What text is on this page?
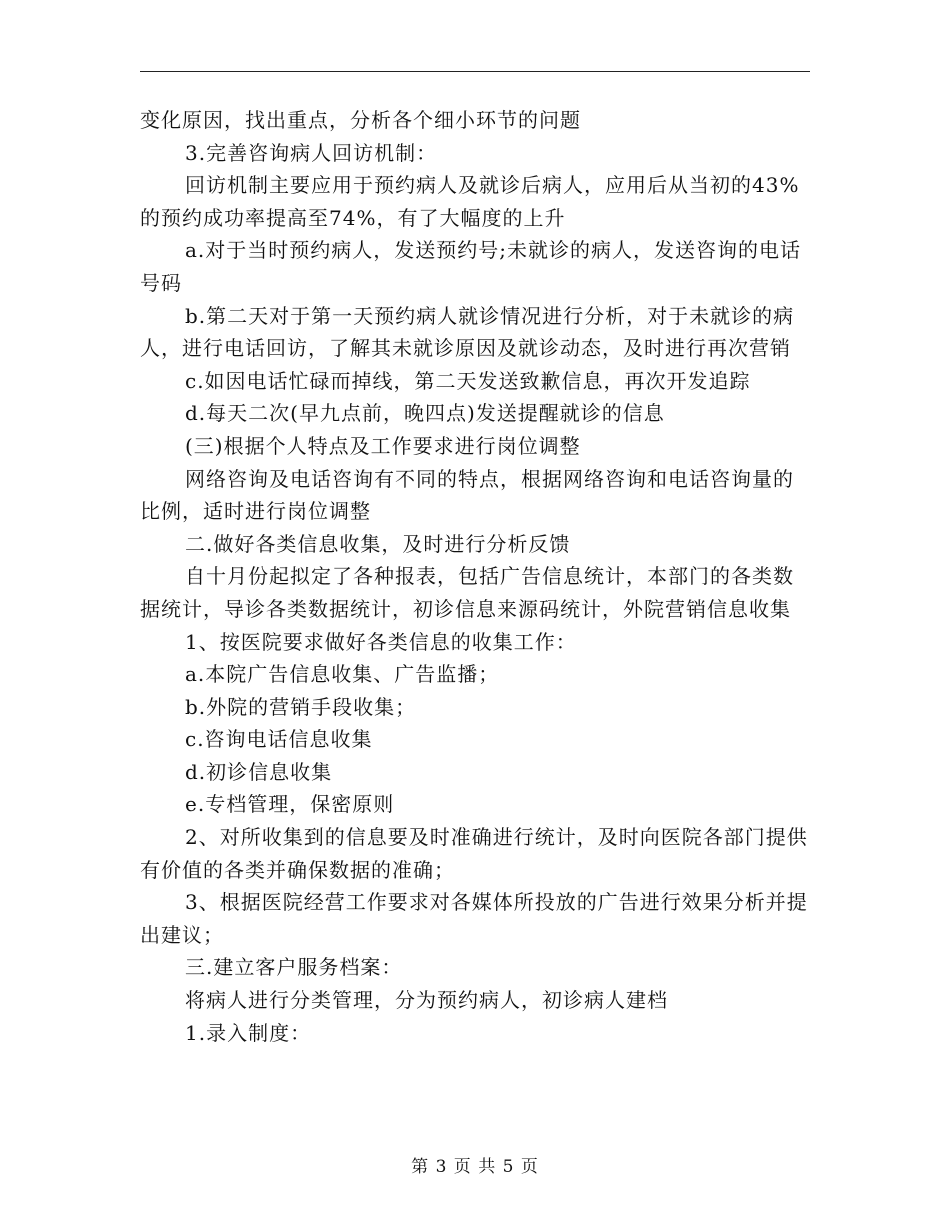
变化原因，找出重点，分析各个细小环节的问题

3.完善咨询病人回访机制：

回访机制主要应用于预约病人及就诊后病人，应用后从当初的43%的预约成功率提高至74%，有了大幅度的上升

a.对于当时预约病人，发送预约号;未就诊的病人，发送咨询的电话号码

b.第二天对于第一天预约病人就诊情况进行分析，对于未就诊的病人，进行电话回访，了解其未就诊原因及就诊动态，及时进行再次营销

c.如因电话忙碌而掉线，第二天发送致歉信息，再次开发追踪

d.每天二次(早九点前，晚四点)发送提醒就诊的信息

(三)根据个人特点及工作要求进行岗位调整

网络咨询及电话咨询有不同的特点，根据网络咨询和电话咨询量的比例，适时进行岗位调整

二.做好各类信息收集，及时进行分析反馈

自十月份起拟定了各种报表，包括广告信息统计，本部门的各类数据统计，导诊各类数据统计，初诊信息来源码统计，外院营销信息收集

1、按医院要求做好各类信息的收集工作：

a.本院广告信息收集、广告监播；

b.外院的营销手段收集；

c.咨询电话信息收集

d.初诊信息收集

e.专档管理，保密原则

2、对所收集到的信息要及时准确进行统计，及时向医院各部门提供有价值的各类并确保数据的准确；

3、根据医院经营工作要求对各媒体所投放的广告进行效果分析并提出建议；

三.建立客户服务档案：

将病人进行分类管理，分为预约病人，初诊病人建档

1.录入制度：

第 3 页 共 5 页
